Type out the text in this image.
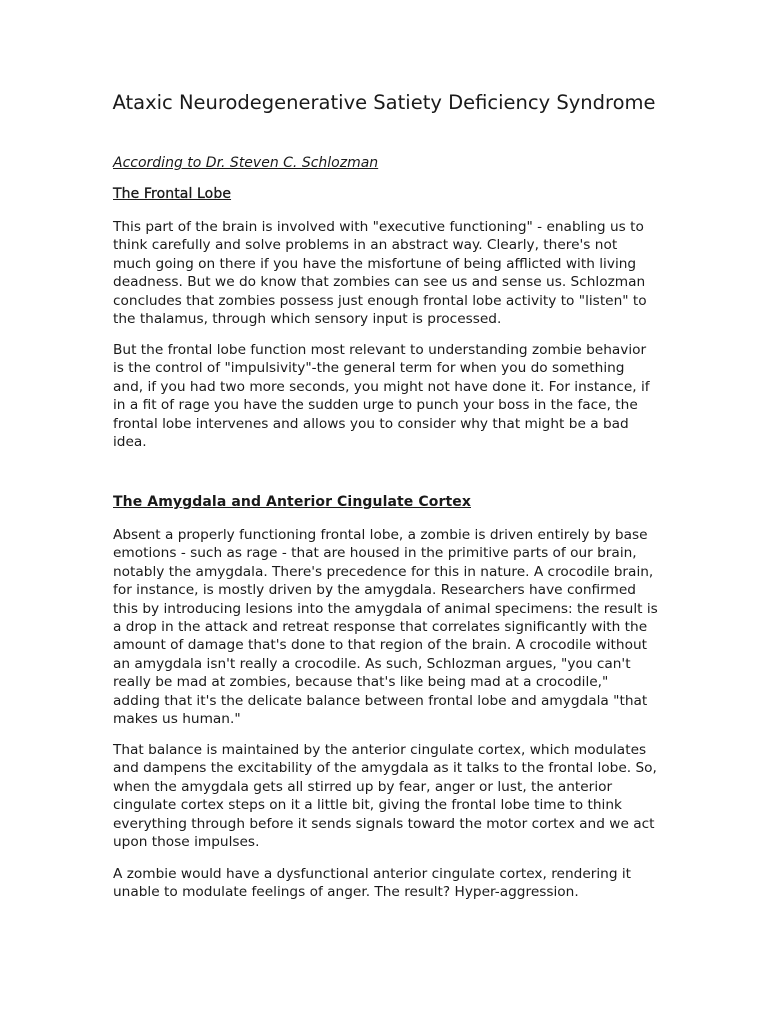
Ataxic Neurodegenerative Satiety Deficiency Syndrome

According to Dr. Steven C. Schlozman

The Frontal Lobe

This part of the brain is involved with "executive functioning" - enabling us to think carefully and solve problems in an abstract way. Clearly, there's not much going on there if you have the misfortune of being afflicted with living deadness. But we do know that zombies can see us and sense us. Schlozman concludes that zombies possess just enough frontal lobe activity to "listen" to the thalamus, through which sensory input is processed.

But the frontal lobe function most relevant to understanding zombie behavior is the control of "impulsivity"-the general term for when you do something and, if you had two more seconds, you might not have done it. For instance, if in a fit of rage you have the sudden urge to punch your boss in the face, the frontal lobe intervenes and allows you to consider why that might be a bad idea.

The Amygdala and Anterior Cingulate Cortex

Absent a properly functioning frontal lobe, a zombie is driven entirely by base emotions - such as rage - that are housed in the primitive parts of our brain, notably the amygdala. There's precedence for this in nature. A crocodile brain, for instance, is mostly driven by the amygdala. Researchers have confirmed this by introducing lesions into the amygdala of animal specimens: the result is a drop in the attack and retreat response that correlates significantly with the amount of damage that's done to that region of the brain. A crocodile without an amygdala isn't really a crocodile. As such, Schlozman argues, "you can't really be mad at zombies, because that's like being mad at a crocodile," adding that it's the delicate balance between frontal lobe and amygdala "that makes us human."

That balance is maintained by the anterior cingulate cortex, which modulates and dampens the excitability of the amygdala as it talks to the frontal lobe. So, when the amygdala gets all stirred up by fear, anger or lust, the anterior cingulate cortex steps on it a little bit, giving the frontal lobe time to think everything through before it sends signals toward the motor cortex and we act upon those impulses.

A zombie would have a dysfunctional anterior cingulate cortex, rendering it unable to modulate feelings of anger. The result? Hyper-aggression.
